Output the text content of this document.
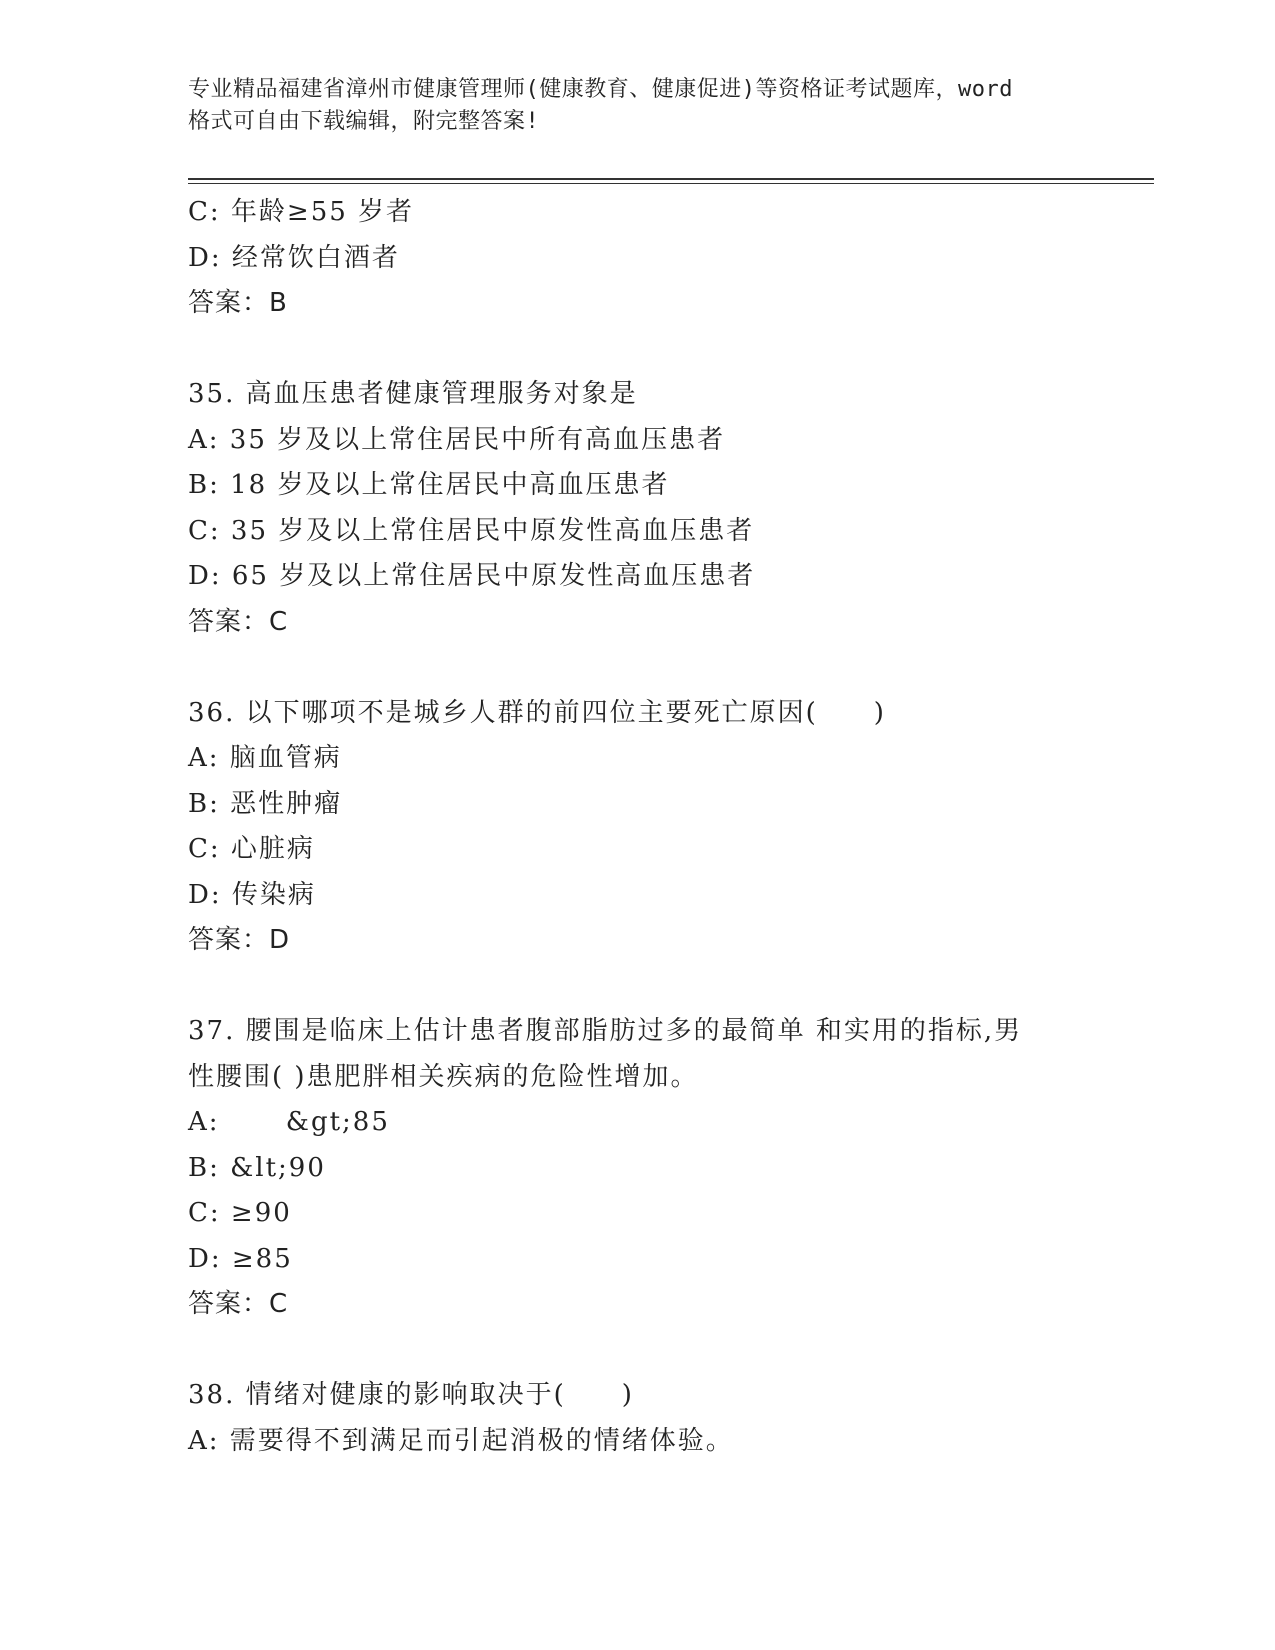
专业精品福建省漳州市健康管理师(健康教育、健康促进)等资格证考试题库，word
格式可自由下载编辑，附完整答案!
C: 年龄≥55 岁者
D: 经常饮白酒者
答案：B
35. 高血压患者健康管理服务对象是
A: 35 岁及以上常住居民中所有高血压患者
B: 18 岁及以上常住居民中高血压患者
C: 35 岁及以上常住居民中原发性高血压患者
D: 65 岁及以上常住居民中原发性高血压患者
答案：C
36. 以下哪项不是城乡人群的前四位主要死亡原因(　　)
A: 脑血管病
B: 恶性肿瘤
C: 心脏病
D: 传染病
答案：D
37. 腰围是临床上估计患者腹部脂肪过多的最简单 和实用的指标,男
性腰围( )患肥胖相关疾病的危险性增加。
A: 　　&gt;85
B: &lt;90
C: ≥90
D: ≥85
答案：C
38. 情绪对健康的影响取决于(　　)
A: 需要得不到满足而引起消极的情绪体验。
